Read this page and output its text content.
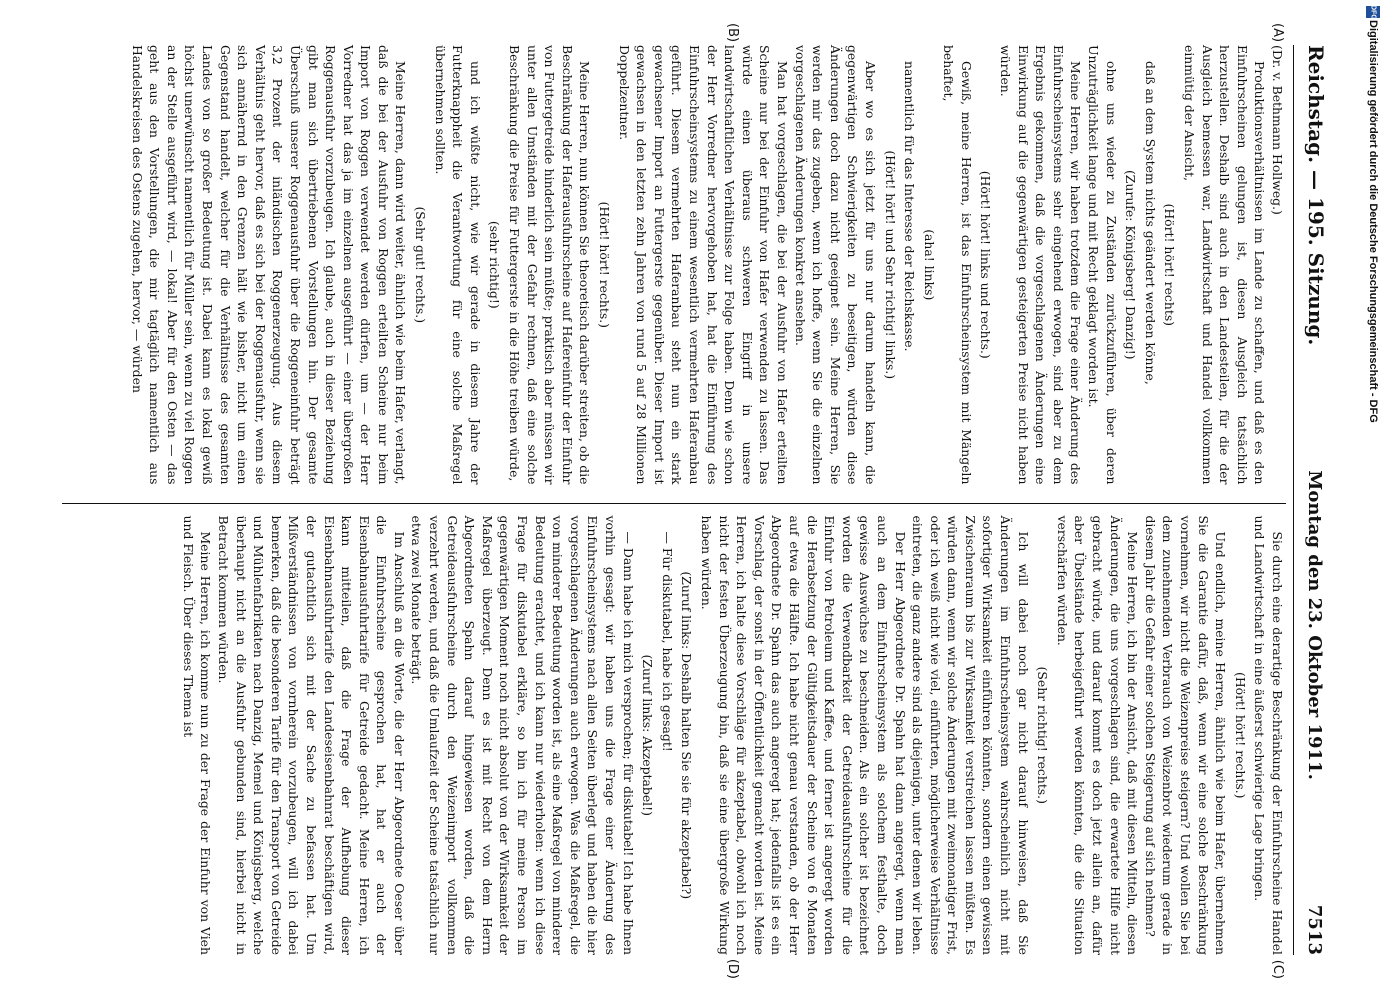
Reichstag. — 195. Sitzung.
Montag den 23. Oktober 1911.
7513
(A)
(B)

(Dr. v. Bethmann Hollweg.)

Produktionsverhältnissen im Lande zu schaffen, und daß es den Einfuhrscheinen gelungen ist, diesen Ausgleich tatsächlich herzustellen. Deshalb sind auch in den Landesteilen, für die der Ausgleich bemessen war, Landwirtschaft und Handel vollkommen einmütig der Ansicht,

(Hört! hört! rechts)

daß an dem System nichts geändert werden könne,

(Zurufe: Königsberg! Danzig!)

ohne uns wieder zu Zuständen zurückzuführen, über deren Unzuträglichkeit lange und mit Recht geklagt worden ist.

Meine Herren, wir haben trotzdem die Frage einer Änderung des Einfuhrscheinsystems sehr eingehend erwogen, sind aber zu dem Ergebnis gekommen, daß die vorgeschlagenen Änderungen eine Einwirkung auf die gegenwärtigen gesteigerten Preise nicht haben würden.

(Hört! hört! links und rechts.)

Gewiß, meine Herren, ist das Einfuhrscheinsystem mit Mängeln behaftet,

(aha! links)

namentlich für das Interesse der Reichskasse.

(Hört! hört! und Sehr richtig! links.)

Aber wo es sich jetzt für uns nur darum handeln kann, die gegenwärtigen Schwierigkeiten zu beseitigen, würden diese Änderungen doch dazu nicht geeignet sein. Meine Herren, Sie werden mir das zugeben, wenn ich hoffe, wenn Sie die einzelnen vorgeschlagenen Änderungen konkret ansehen.

Man hat vorgeschlagen, die bei der Ausfuhr von Hafer erteilten Scheine nur bei der Einfuhr von Hafer verwenden zu lassen. Das würde einen überaus schweren Eingriff in unsere landwirtschaftlichen Verhältnisse zur Folge haben. Denn wie schon der Herr Vorredner hervorgehoben hat, hat die Einführung des Einfuhrscheinsystems zu einem wesentlich vermehrten Haferanbau geführt. Diesem vermehrten Haferanbau steht nun ein stark gewachsener Import an Futtergerste gegenüber. Dieser Import ist gewachsen in den letzten zehn Jahren von rund 5 auf 28 Millionen Doppelzentner.

(Hört! hört! rechts.)

Meine Herren, nun können Sie theoretisch darüber streiten, ob die Beschränkung der Haferausfuhrscheine auf Hafereinfuhr der Einfuhr von Futtergetreide hinderlich sein müßte; praktisch aber müssen wir unter allen Umständen mit der Gefahr rechnen, daß eine solche Beschränkung die Preise für Futtergerste in die Höhe treiben würde,

(sehr richtig!)

und ich wüßte nicht, wie wir gerade in diesem Jahre der Futterknappheit die Verantwortung für eine solche Maßregel übernehmen sollten.

(Sehr gut! rechts.)

Meine Herren, dann wird weiter, ähnlich wie beim Hafer, verlangt, daß die bei der Ausfuhr von Roggen erteilten Scheine nur beim Import von Roggen verwendet werden dürfen, um — der Herr Vorredner hat das ja im einzelnen ausgeführt — einer übergroßen Roggenausfuhr vorzubeugen. Ich glaube, auch in dieser Beziehung gibt man sich übertriebenen Vorstellungen hin. Der gesamte Überschuß unserer Roggenausfuhr über die Roggeneinfuhr beträgt 3,2 Prozent der inländischen Roggenerzeugung. Aus diesem Verhältnis geht hervor, daß es sich bei der Roggenausfuhr, wenn sie sich annähernd in den Grenzen hält wie bisher, nicht um einen Gegenstand handelt, welcher für die Verhältnisse des gesamten Landes von so großer Bedeutung ist. Dabei kann es lokal gewiß höchst unerwünscht namentlich für Müller sein, wenn zu viel Roggen an der Stelle ausgeführt wird, — lokal! Aber für den Osten — das geht aus den Vorstellungen, die mir tagtäglich namentlich aus Handelskreisen des Ostens zugehen, hervor, — würden

(C)
(D)

Sie durch eine derartige Beschränkung der Einfuhrscheine Handel und Landwirtschaft in eine äußerst schwierige Lage bringen.

(Hört! hört! rechts.)

Und endlich, meine Herren, ähnlich wie beim Hafer, übernehmen Sie die Garantie dafür, daß, wenn wir eine solche Beschränkung vornehmen, wir nicht die Weizenpreise steigern? Und wollen Sie bei dem zunehmenden Verbrauch von Weizenbrot wiederum gerade in diesem Jahr die Gefahr einer solchen Steigerung auf sich nehmen?

Meine Herren, ich bin der Ansicht, daß mit diesen Mitteln, diesen Änderungen, die uns vorgeschlagen sind, die erwartete Hilfe nicht gebracht würde, und darauf kommt es doch jetzt allein an, dafür aber Übelstände herbeigeführt werden könnten, die die Situation verschärfen würden.

(Sehr richtig! rechts.)

Ich will dabei noch gar nicht darauf hinweisen, daß Sie Änderungen im Einfuhrscheinsystem wahrscheinlich nicht mit sofortiger Wirksamkeit einführen könnten, sondern einen gewissen Zwischenraum bis zur Wirksamkeit verstreichen lassen müßten. Es würden dann, wenn wir solche Änderungen mit zweimonatiger Frist, oder ich weiß nicht wie viel, einführten, möglicherweise Verhältnisse eintreten, die ganz andere sind als diejenigen, unter denen wir leben.

Der Herr Abgeordnete Dr. Spahn hat dann angeregt, wenn man auch an dem Einfuhrscheinsystem als solchem festhalte, doch gewisse Auswüchse zu beschneiden. Als ein solcher ist bezeichnet worden die Verwendbarkeit der Getreideausfuhrscheine für die Einfuhr von Petroleum und Kaffee, und ferner ist angeregt worden die Herabsetzung der Gültigkeitsdauer der Scheine von 6 Monaten auf etwa die Hälfte. Ich habe nicht genau verstanden, ob der Herr Abgeordnete Dr. Spahn das auch angeregt hat; jedenfalls ist es ein Vorschlag, der sonst in der Öffentlichkeit gemacht worden ist. Meine Herren, ich halte diese Vorschläge für akzeptabel, obwohl ich noch nicht der festen Überzeugung bin, daß sie eine übergroße Wirkung haben würden.

(Zuruf links: Deshalb halten Sie sie für akzeptabel?)

— Für diskutabel, habe ich gesagt!

(Zuruf links: Akzeptabel!)

— Dann habe ich mich versprochen; für diskutabel! Ich habe Ihnen vorhin gesagt: wir haben uns die Frage einer Änderung des Einfuhrscheinsystems nach allen Seiten überlegt und haben die hier vorgeschlagenen Änderungen auch erwogen. Was die Maßregel, die von minderer Bedeutung worden ist, als eine Maßregel von minderer Bedeutung erachtet, und ich kann nur wiederholen: wenn ich diese Frage für diskutabel erkläre, so bin ich für meine Person im gegenwärtigen Moment noch nicht absolut von der Wirksamkeit der Maßregel überzeugt. Denn es ist mit Recht von dem Herrn Abgeordneten Spahn darauf hingewiesen worden, daß die Getreideausfuhrscheine durch den Weizenimport vollkommen verzehrt werden, und daß die Umlaufzeit der Scheine tatsächlich nur etwa zwei Monate beträgt.

Im Anschluß an die Worte, die der Herr Abgeordnete Oeser über die Einfuhrscheine gesprochen hat, hat er auch der Eisenbahnausfuhrtarife für Getreide gedacht. Meine Herren, ich kann mitteilen, daß die Frage der Aufhebung dieser Eisenbahnausfuhrtarife den Landeseisenbahnrat beschäftigen wird, der gutachtlich sich mit der Sache zu befassen hat. Um Mißverständnissen von vornherein vorzubeugen, will ich dabei bemerken, daß die besonderen Tarife für den Transport von Getreide und Mühlenfabrikaten nach Danzig, Memel und Königsberg, welche überhaupt nicht an die Ausfuhr gebunden sind, hierbei nicht in Betracht kommen würden.

Meine Herren, ich komme nun zu der Frage der Einfuhr von Vieh und Fleisch. Über dieses Thema ist

DFG
Digitalisierung gefördert durch die Deutsche Forschungsgemeinschaft - DFG
